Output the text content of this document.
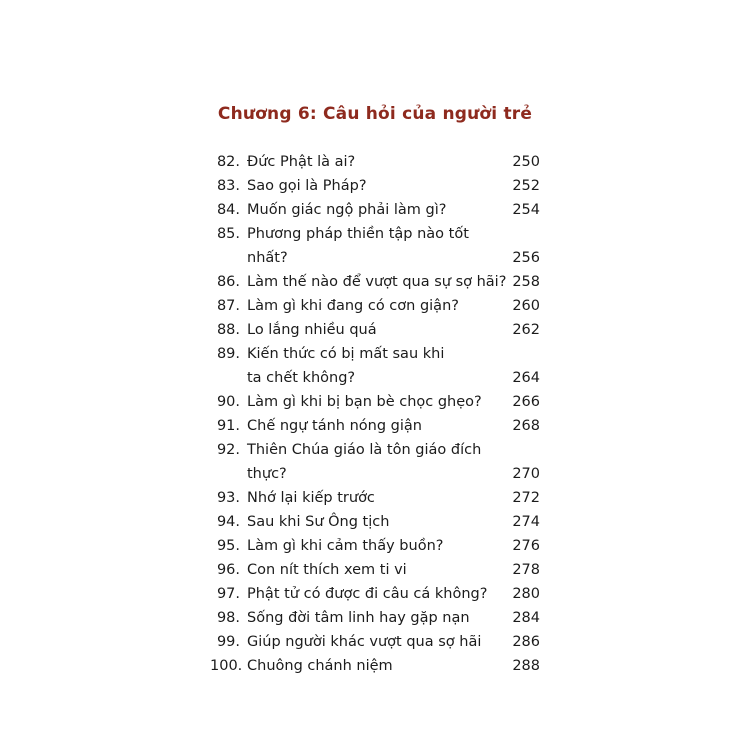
Chương 6: Câu hỏi của người trẻ
82. Đức Phật là ai?	250
83. Sao gọi là Pháp?	252
84. Muốn giác ngộ phải làm gì?	254
85. Phương pháp thiền tập nào tốt nhất?	256
86. Làm thế nào để vượt qua sự sợ hãi? 258
87. Làm gì khi đang có cơn giận?	260
88. Lo lắng nhiều quá	262
89. Kiến thức có bị mất sau khi
ta chết không?	264
90. Làm gì khi bị bạn bè chọc ghẹo?	266
91. Chế ngự tánh nóng giận	268
92. Thiên Chúa giáo là tôn giáo đích thực?	270
93. Nhớ lại kiếp trước	272
94. Sau khi Sư Ông tịch	274
95. Làm gì khi cảm thấy buồn?	276
96. Con nít thích xem ti vi	278
97. Phật tử có được đi câu cá không?	280
98. Sống đời tâm linh hay gặp nạn	284
99. Giúp người khác vượt qua sợ hãi	286
100. Chuông chánh niệm	288
